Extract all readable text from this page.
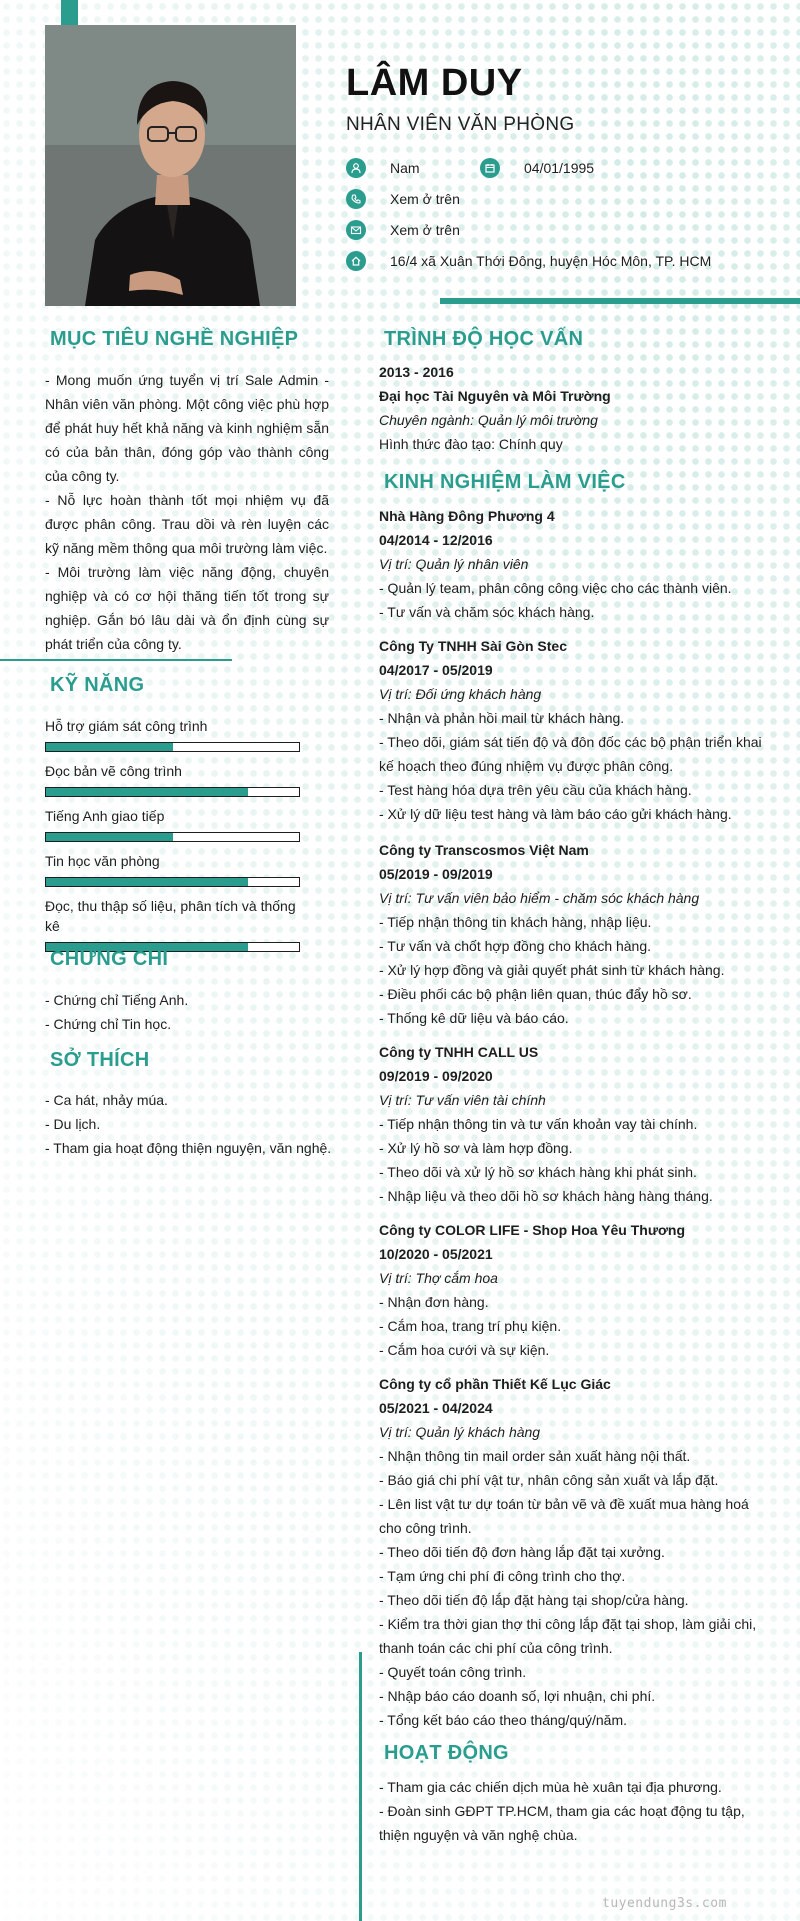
LÂM DUY
NHÂN VIÊN VĂN PHÒNG
Nam	04/01/1995
Xem ở trên
Xem ở trên
16/4 xã Xuân Thới Đông, huyện Hóc Môn, TP. HCM
MỤC TIÊU NGHỀ NGHIỆP

- Mong muốn ứng tuyển vị trí Sale Admin - Nhân viên văn phòng. Một công việc phù hợp để phát huy hết khả năng và kinh nghiệm sẵn có của bản thân, đóng góp vào thành công của công ty.

- Nỗ lực hoàn thành tốt mọi nhiệm vụ đã được phân công. Trau dồi và rèn luyện các kỹ năng mềm thông qua môi trường làm việc.

- Môi trường làm việc năng động, chuyên nghiệp và có cơ hội thăng tiến tốt trong sự nghiệp. Gắn bó lâu dài và ổn định cùng sự phát triển của công ty.

KỸ NĂNG
Hỗ trợ giám sát công trình
Đọc bản vẽ công trình
Tiếng Anh giao tiếp
Tin học văn phòng
Đọc, thu thập số liệu, phân tích và thống kê
CHỨNG CHỈ
- Chứng chỉ Tiếng Anh.
- Chứng chỉ Tin học.
SỞ THÍCH
- Ca hát, nhảy múa.
- Du lịch.
- Tham gia hoạt động thiện nguyện, văn nghệ.
TRÌNH ĐỘ HỌC VẤN
2013 - 2016
Đại học Tài Nguyên và Môi Trường
Chuyên ngành: Quản lý môi trường
Hình thức đào tạo: Chính quy
KINH NGHIỆM LÀM VIỆC
Nhà Hàng Đông Phương 4
04/2014 - 12/2016
Vị trí: Quản lý nhân viên
- Quản lý team, phân công công việc cho các thành viên.
- Tư vấn và chăm sóc khách hàng.
Công Ty TNHH Sài Gòn Stec
04/2017 - 05/2019
Vị trí: Đối ứng khách hàng
- Nhận và phản hồi mail từ khách hàng.
- Theo dõi, giám sát tiến độ và đôn đốc các bộ phận triển khai kế hoạch theo đúng nhiệm vụ được phân công.
- Test hàng hóa dựa trên yêu cầu của khách hàng.
- Xử lý dữ liệu test hàng và làm báo cáo gửi khách hàng.
Công ty Transcosmos Việt Nam
05/2019 - 09/2019
Vị trí: Tư vấn viên bảo hiểm - chăm sóc khách hàng
- Tiếp nhận thông tin khách hàng, nhập liệu.
- Tư vấn và chốt hợp đồng cho khách hàng.
- Xử lý hợp đồng và giải quyết phát sinh từ khách hàng.
- Điều phối các bộ phận liên quan, thúc đẩy hồ sơ.
- Thống kê dữ liệu và báo cáo.
Công ty TNHH CALL US
09/2019 - 09/2020
Vị trí: Tư vấn viên tài chính
- Tiếp nhận thông tin và tư vấn khoản vay tài chính.
- Xử lý hồ sơ và làm hợp đồng.
- Theo dõi và xử lý hồ sơ khách hàng khi phát sinh.
- Nhập liệu và theo dõi hồ sơ khách hàng hàng tháng.
Công ty COLOR LIFE - Shop Hoa Yêu Thương
10/2020 - 05/2021
Vị trí: Thợ cắm hoa
- Nhận đơn hàng.
- Cắm hoa, trang trí phụ kiện.
- Cắm hoa cưới và sự kiện.
Công ty cổ phần Thiết Kế Lục Giác
05/2021 - 04/2024
Vị trí: Quản lý khách hàng
- Nhận thông tin mail order sản xuất hàng nội thất.
- Báo giá chi phí vật tư, nhân công sản xuất và lắp đặt.
- Lên list vật tư dự toán từ bản vẽ và đề xuất mua hàng hoá cho công trình.
- Theo dõi tiến độ đơn hàng lắp đặt tại xưởng.
- Tạm ứng chi phí đi công trình cho thợ.
- Theo dõi tiến độ lắp đặt hàng tại shop/cửa hàng.
- Kiểm tra thời gian thợ thi công lắp đặt tại shop, làm giải chi, thanh toán các chi phí của công trình.
- Quyết toán công trình.
- Nhập báo cáo doanh số, lợi nhuận, chi phí.
- Tổng kết báo cáo theo tháng/quý/năm.
HOẠT ĐỘNG
- Tham gia các chiến dịch mùa hè xuân tại địa phương.
- Đoàn sinh GĐPT TP.HCM, tham gia các hoạt động tu tập, thiện nguyện và văn nghệ chùa.
tuyendung3s.com
